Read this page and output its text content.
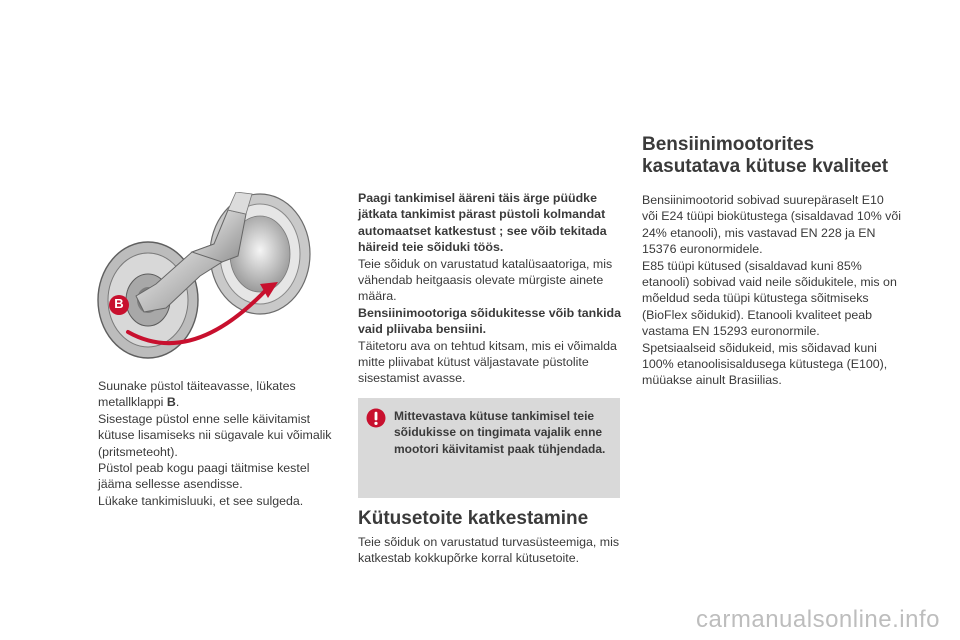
B
Suunake püstol täiteavasse, lükates metallklappi B.
Sisestage püstol enne selle käivitamist kütuse lisamiseks nii sügavale kui võimalik (pritsmeteoht).
Püstol peab kogu paagi täitmise kestel jääma sellesse asendisse.
Lükake tankimisluuki, et see sulgeda.

Paagi tankimisel ääreni täis ärge püüdke jätkata tankimist pärast püstoli kolmandat automaatset katkestust ; see võib tekitada häireid teie sõiduki töös.

Teie sõiduk on varustatud katalüsaatoriga, mis vähendab heitgaasis olevate mürgiste ainete määra.

Bensiinimootoriga sõidukitesse võib tankida vaid pliivaba bensiini.

Täitetoru ava on tehtud kitsam, mis ei võimalda mitte pliivabat kütust väljastavate püstolite sisestamist avasse.

Mittevastava kütuse tankimisel teie sõidukisse on tingimata vajalik enne mootori käivitamist paak tühjendada.
Kütusetoite katkestamine

Teie sõiduk on varustatud turvasüsteemiga, mis katkestab kokkupõrke korral kütusetoite.

Bensiinimootorites
kasutatava kütuse kvaliteet

Bensiinimootorid sobivad suurepäraselt E10 või E24 tüüpi biokütustega (sisaldavad 10% või 24% etanooli), mis vastavad EN 228 ja EN 15376 euronormidele.
E85 tüüpi kütused (sisaldavad kuni 85% etanooli) sobivad vaid neile sõidukitele, mis on mõeldud seda tüüpi kütustega sõitmiseks (BioFlex sõidukid). Etanooli kvaliteet peab vastama EN 15293 euronormile.
Spetsiaalseid sõidukeid, mis sõidavad kuni 100% etanoolisisaldusega kütustega (E100), müüakse ainult Brasiilias.

carmanualsonline.info
